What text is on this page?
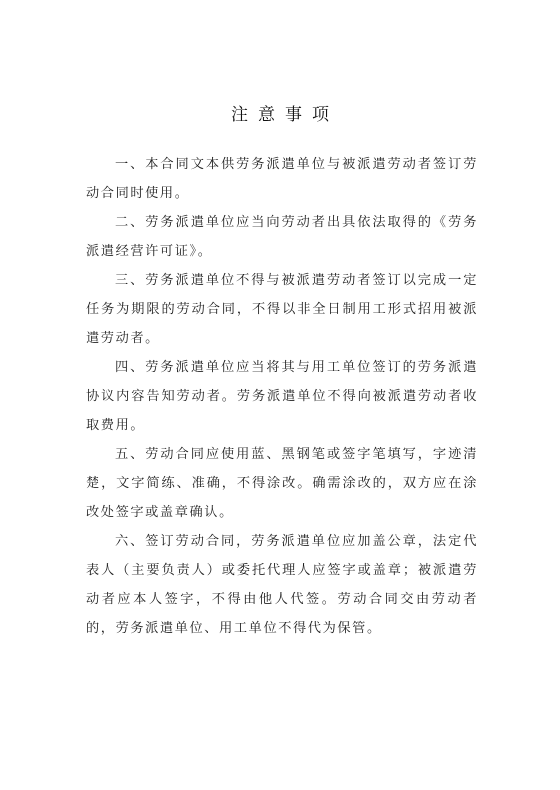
注意事项

一、本合同文本供劳务派遣单位与被派遣劳动者签订劳动合同时使用。

二、劳务派遣单位应当向劳动者出具依法取得的《劳务派遣经营许可证》。

三、劳务派遣单位不得与被派遣劳动者签订以完成一定任务为期限的劳动合同，不得以非全日制用工形式招用被派遣劳动者。

四、劳务派遣单位应当将其与用工单位签订的劳务派遣协议内容告知劳动者。劳务派遣单位不得向被派遣劳动者收取费用。

五、劳动合同应使用蓝、黑钢笔或签字笔填写，字迹清楚，文字简练、准确，不得涂改。确需涂改的，双方应在涂改处签字或盖章确认。

六、签订劳动合同，劳务派遣单位应加盖公章，法定代表人（主要负责人）或委托代理人应签字或盖章；被派遣劳动者应本人签字，不得由他人代签。劳动合同交由劳动者的，劳务派遣单位、用工单位不得代为保管。
